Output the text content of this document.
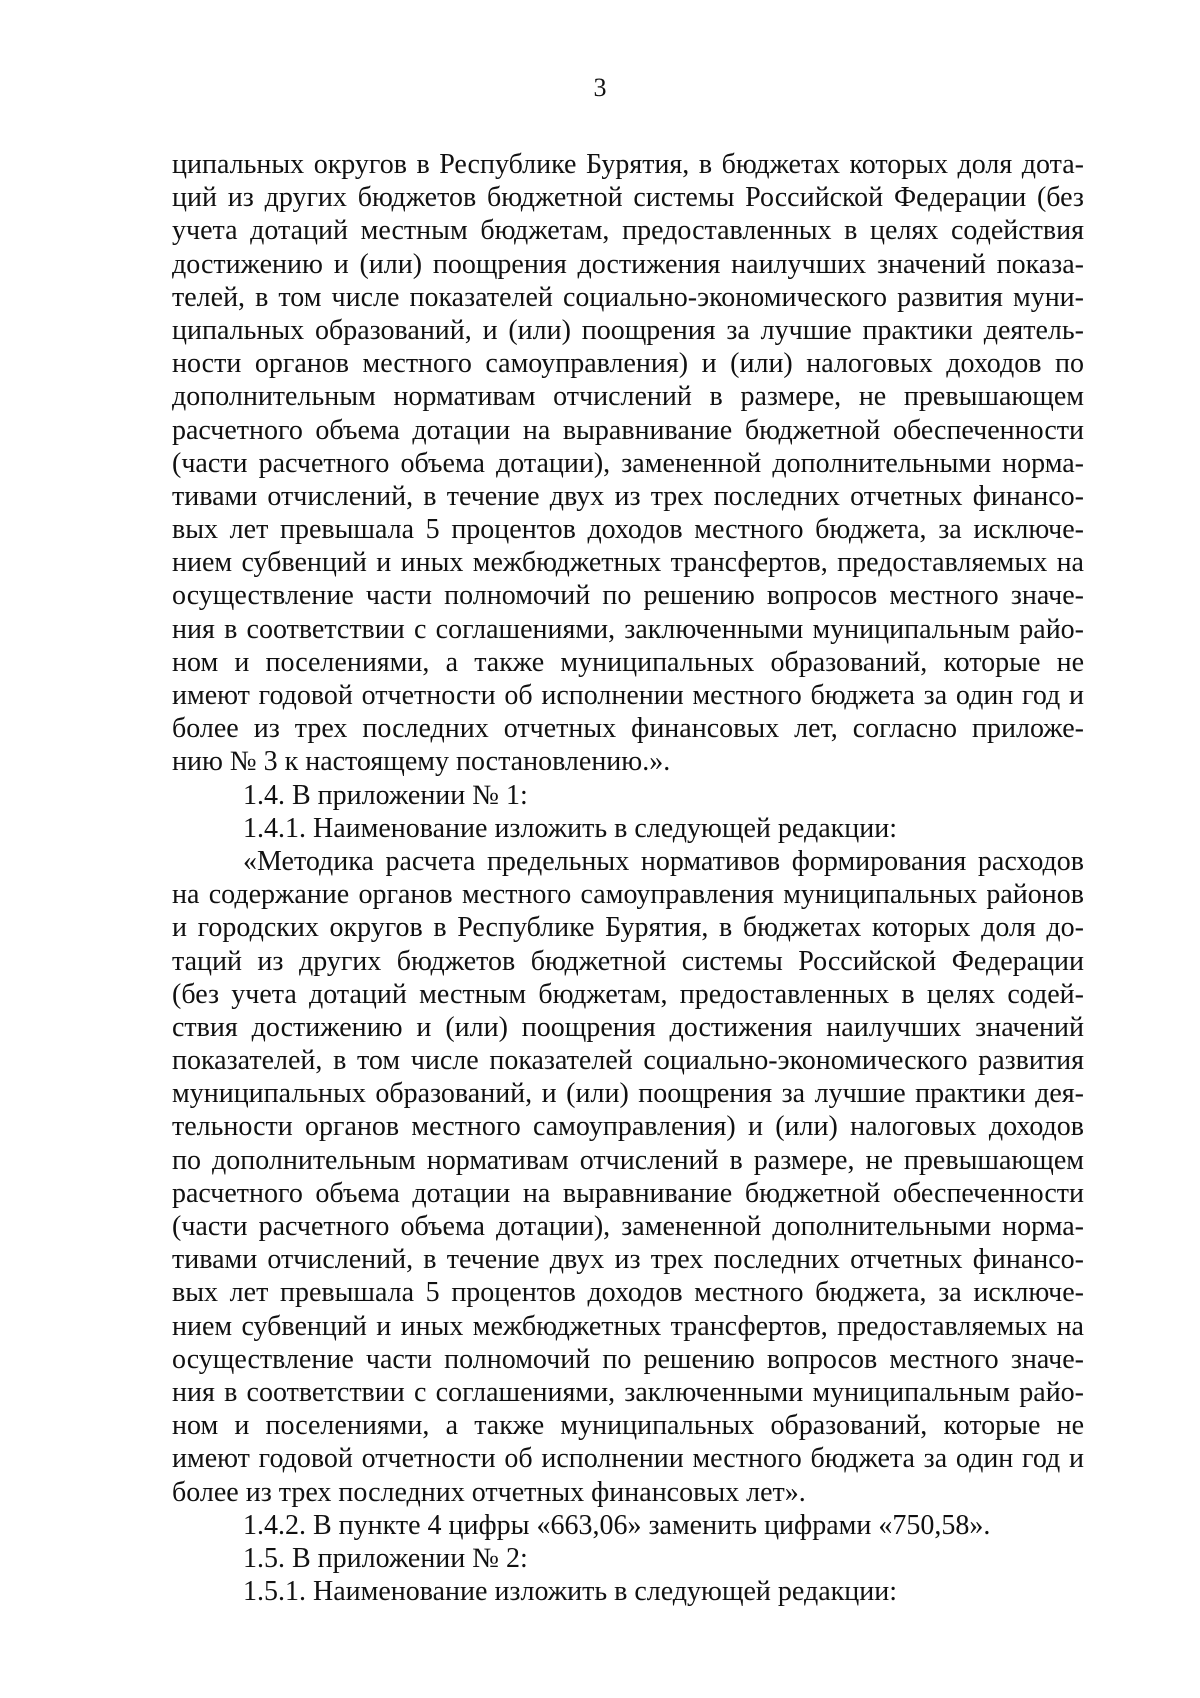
3
ципальных округов в Республике Бурятия, в бюджетах которых доля дота-
ций из других бюджетов бюджетной системы Российской Федерации (без
учета дотаций местным бюджетам, предоставленных в целях содействия
достижению и (или) поощрения достижения наилучших значений показа-
телей, в том числе показателей социально-экономического развития муни-
ципальных образований, и (или) поощрения за лучшие практики деятель-
ности органов местного самоуправления) и (или) налоговых доходов по
дополнительным нормативам отчислений в размере, не превышающем
расчетного объема дотации на выравнивание бюджетной обеспеченности
(части расчетного объема дотации), замененной дополнительными норма-
тивами отчислений, в течение двух из трех последних отчетных финансо-
вых лет превышала 5 процентов доходов местного бюджета, за исключе-
нием субвенций и иных межбюджетных трансфертов, предоставляемых на
осуществление части полномочий по решению вопросов местного значе-
ния в соответствии с соглашениями, заключенными муниципальным райо-
ном и поселениями, а также муниципальных образований, которые не
имеют годовой отчетности об исполнении местного бюджета за один год и
более из трех последних отчетных финансовых лет, согласно приложе-
нию № 3 к настоящему постановлению.».
1.4. В приложении № 1:
1.4.1. Наименование изложить в следующей редакции:
«Методика расчета предельных нормативов формирования расходов
на содержание органов местного самоуправления муниципальных районов
и городских округов в Республике Бурятия, в бюджетах которых доля до-
таций из других бюджетов бюджетной системы Российской Федерации
(без учета дотаций местным бюджетам, предоставленных в целях содей-
ствия достижению и (или) поощрения достижения наилучших значений
показателей, в том числе показателей социально-экономического развития
муниципальных образований, и (или) поощрения за лучшие практики дея-
тельности органов местного самоуправления) и (или) налоговых доходов
по дополнительным нормативам отчислений в размере, не превышающем
расчетного объема дотации на выравнивание бюджетной обеспеченности
(части расчетного объема дотации), замененной дополнительными норма-
тивами отчислений, в течение двух из трех последних отчетных финансо-
вых лет превышала 5 процентов доходов местного бюджета, за исключе-
нием субвенций и иных межбюджетных трансфертов, предоставляемых на
осуществление части полномочий по решению вопросов местного значе-
ния в соответствии с соглашениями, заключенными муниципальным райо-
ном и поселениями, а также муниципальных образований, которые не
имеют годовой отчетности об исполнении местного бюджета за один год и
более из трех последних отчетных финансовых лет».
1.4.2. В пункте 4 цифры «663,06» заменить цифрами «750,58».
1.5. В приложении № 2:
1.5.1. Наименование изложить в следующей редакции:
